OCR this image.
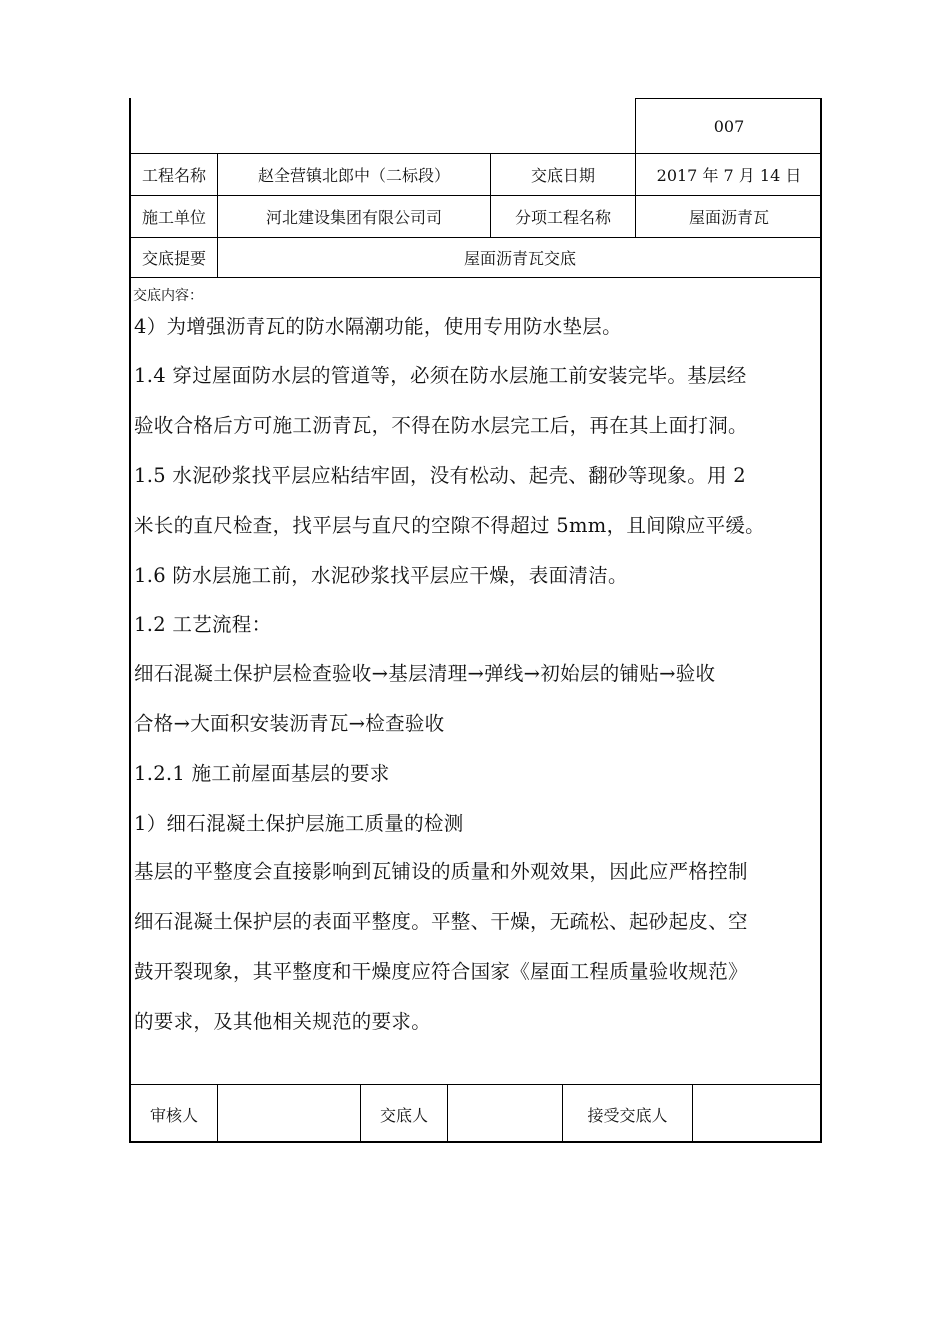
007
工程名称	赵全营镇北郎中（二标段）	交底日期	2017 年 7 月 14 日
施工单位	河北建设集团有限公司司	分项工程名称	屋面沥青瓦
交底提要	屋面沥青瓦交底
交底内容：
4）为增强沥青瓦的防水隔潮功能，使用专用防水垫层。
1.4 穿过屋面防水层的管道等，必须在防水层施工前安装完毕。基层经
验收合格后方可施工沥青瓦，不得在防水层完工后，再在其上面打洞。
1.5 水泥砂浆找平层应粘结牢固，没有松动、起壳、翻砂等现象。用 2
米长的直尺检查，找平层与直尺的空隙不得超过 5mm，且间隙应平缓。
1.6 防水层施工前，水泥砂浆找平层应干燥，表面清洁。
1.2 工艺流程：
细石混凝土保护层检查验收→基层清理→弹线→初始层的铺贴→验收
合格→大面积安装沥青瓦→检查验收
1.2.1 施工前屋面基层的要求
1）细石混凝土保护层施工质量的检测
基层的平整度会直接影响到瓦铺设的质量和外观效果，因此应严格控制
细石混凝土保护层的表面平整度。平整、干燥，无疏松、起砂起皮、空
鼓开裂现象，其平整度和干燥度应符合国家《屋面工程质量验收规范》
的要求，及其他相关规范的要求。
审核人	交底人	接受交底人
